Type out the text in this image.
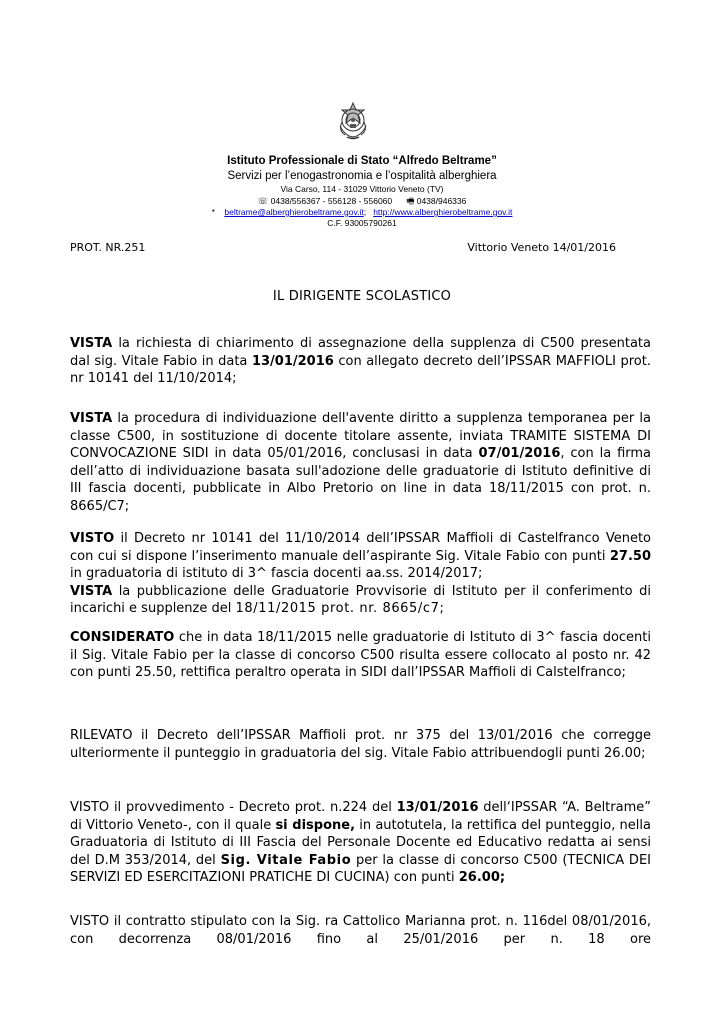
Istituto Professionale di Stato “Alfredo Beltrame”
Servizi per l’enogastronomia e l’ospitalità alberghiera
Via Carso, 114 - 31029 Vittorio Veneto (TV)
☏ 0438/556367 - 556128 - 556060 🖷 0438/946336
* beltrame@alberghierobeltrame.gov.it; http://www.alberghierobeltrame.gov.it
C.F. 93005790261
PROT. NR.251	Vittorio Veneto 14/01/2016
IL DIRIGENTE SCOLASTICO

VISTA la richiesta di chiarimento di assegnazione della supplenza di C500 presentata dal sig. Vitale Fabio in data 13/01/2016 con allegato decreto dell’IPSSAR MAFFIOLI prot. nr 10141 del 11/10/2014;

VISTA la procedura di individuazione dell'avente diritto a supplenza temporanea per la classe C500, in sostituzione di docente titolare assente, inviata TRAMITE SISTEMA DI CONVOCAZIONE SIDI in data 05/01/2016, conclusasi in data 07/01/2016, con la firma dell’atto di individuazione basata sull'adozione delle graduatorie di Istituto definitive di III fascia docenti, pubblicate in Albo Pretorio on line in data 18/11/2015 con prot. n. 8665/C7;

VISTO il Decreto nr 10141 del 11/10/2014 dell’IPSSAR Maffioli di Castelfranco Veneto con cui si dispone l’inserimento manuale dell’aspirante Sig. Vitale Fabio con punti 27.50 in graduatoria di istituto di 3^ fascia docenti aa.ss. 2014/2017;

VISTA la pubblicazione delle Graduatorie Provvisorie di Istituto per il conferimento di incarichi e supplenze del 18/11/2015 prot. nr. 8665/c7;

CONSIDERATO che in data 18/11/2015 nelle graduatorie di Istituto di 3^ fascia docenti il Sig. Vitale Fabio per la classe di concorso C500 risulta essere collocato al posto nr. 42 con punti 25.50, rettifica peraltro operata in SIDI dall’IPSSAR Maffioli di Calstelfranco;

RILEVATO il Decreto dell’IPSSAR Maffioli prot. nr 375 del 13/01/2016 che corregge ulteriormente il punteggio in graduatoria del sig. Vitale Fabio attribuendogli punti 26.00;

VISTO il provvedimento - Decreto prot. n.224 del 13/01/2016 dell‘IPSSAR “A. Beltrame” di Vittorio Veneto-, con il quale si dispone, in autotutela, la rettifica del punteggio, nella Graduatoria di Istituto di III Fascia del Personale Docente ed Educativo redatta ai sensi del D.M 353/2014, del Sig. Vitale Fabio per la classe di concorso C500 (TECNICA DEI SERVIZI ED ESERCITAZIONI PRATICHE DI CUCINA) con punti 26.00;

VISTO il contratto stipulato con la Sig. ra Cattolico Marianna prot. n. 116del 08/01/2016, con decorrenza 08/01/2016 fino al 25/01/2016 per n. 18 ore
